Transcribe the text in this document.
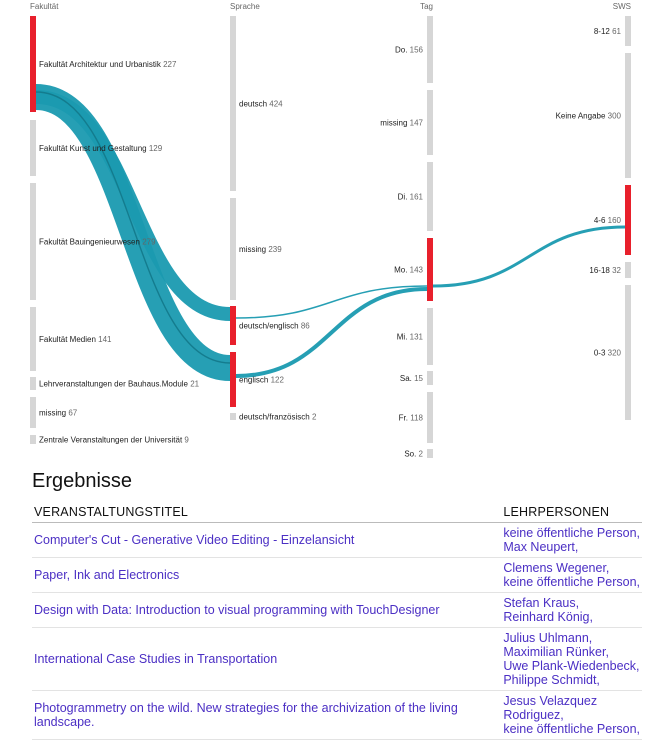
Fakultät
Fakultät Architektur und Urbanistik 227
Fakultät Kunst und Gestaltung 129
Fakultät Bauingenieurwesen 279
Fakultät Medien 141
Lehrveranstaltungen der Bauhaus.Module 21
missing 67
Zentrale Veranstaltungen der Universität 9
Sprache
deutsch 424
missing 239
deutsch/englisch 86
englisch 122
deutsch/französisch 2
Tag
Do. 156
missing 147
Di. 161
Mo. 143
Mi. 131
Sa. 15
Fr. 118
So. 2
SWS
8-12 61
Keine Angabe 300
4-6 160
16-18 32
0-3 320
Ergebnisse
VERANSTALTUNGSTITEL	LEHRPERSONEN
Computer's Cut - Generative Video Editing - Einzelansicht	keine öffentliche Person,
Max Neupert,

Paper, Ink and Electronics	Clemens Wegener,
keine öffentliche Person,

Design with Data: Introduction to visual programming with TouchDesigner	Stefan Kraus,
Reinhard König,

International Case Studies in Transportation	Julius Uhlmann,
Maximilian Rünker,
Uwe Plank-Wiedenbeck,
Philippe Schmidt,

Photogrammetry on the wild. New strategies for the archivization of the living landscape.	Jesus Velazquez
Rodriguez,
keine öffentliche Person,
